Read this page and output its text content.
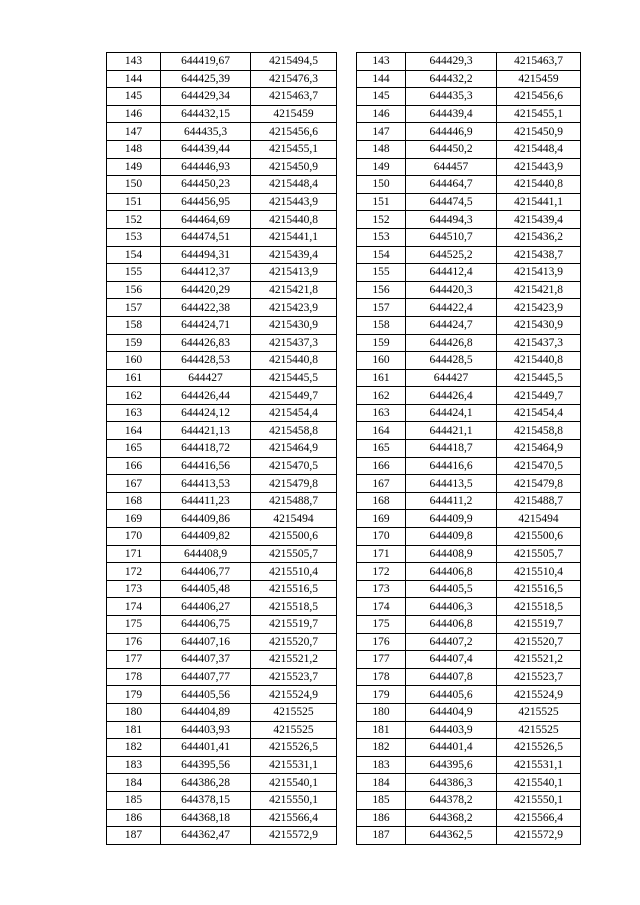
143	644419,67	4215494,5
144	644425,39	4215476,3
145	644429,34	4215463,7
146	644432,15	4215459
147	644435,3	4215456,6
148	644439,44	4215455,1
149	644446,93	4215450,9
150	644450,23	4215448,4
151	644456,95	4215443,9
152	644464,69	4215440,8
153	644474,51	4215441,1
154	644494,31	4215439,4
155	644412,37	4215413,9
156	644420,29	4215421,8
157	644422,38	4215423,9
158	644424,71	4215430,9
159	644426,83	4215437,3
160	644428,53	4215440,8
161	644427	4215445,5
162	644426,44	4215449,7
163	644424,12	4215454,4
164	644421,13	4215458,8
165	644418,72	4215464,9
166	644416,56	4215470,5
167	644413,53	4215479,8
168	644411,23	4215488,7
169	644409,86	4215494
170	644409,82	4215500,6
171	644408,9	4215505,7
172	644406,77	4215510,4
173	644405,48	4215516,5
174	644406,27	4215518,5
175	644406,75	4215519,7
176	644407,16	4215520,7
177	644407,37	4215521,2
178	644407,77	4215523,7
179	644405,56	4215524,9
180	644404,89	4215525
181	644403,93	4215525
182	644401,41	4215526,5
183	644395,56	4215531,1
184	644386,28	4215540,1
185	644378,15	4215550,1
186	644368,18	4215566,4
187	644362,47	4215572,9
143	644429,3	4215463,7
144	644432,2	4215459
145	644435,3	4215456,6
146	644439,4	4215455,1
147	644446,9	4215450,9
148	644450,2	4215448,4
149	644457	4215443,9
150	644464,7	4215440,8
151	644474,5	4215441,1
152	644494,3	4215439,4
153	644510,7	4215436,2
154	644525,2	4215438,7
155	644412,4	4215413,9
156	644420,3	4215421,8
157	644422,4	4215423,9
158	644424,7	4215430,9
159	644426,8	4215437,3
160	644428,5	4215440,8
161	644427	4215445,5
162	644426,4	4215449,7
163	644424,1	4215454,4
164	644421,1	4215458,8
165	644418,7	4215464,9
166	644416,6	4215470,5
167	644413,5	4215479,8
168	644411,2	4215488,7
169	644409,9	4215494
170	644409,8	4215500,6
171	644408,9	4215505,7
172	644406,8	4215510,4
173	644405,5	4215516,5
174	644406,3	4215518,5
175	644406,8	4215519,7
176	644407,2	4215520,7
177	644407,4	4215521,2
178	644407,8	4215523,7
179	644405,6	4215524,9
180	644404,9	4215525
181	644403,9	4215525
182	644401,4	4215526,5
183	644395,6	4215531,1
184	644386,3	4215540,1
185	644378,2	4215550,1
186	644368,2	4215566,4
187	644362,5	4215572,9
